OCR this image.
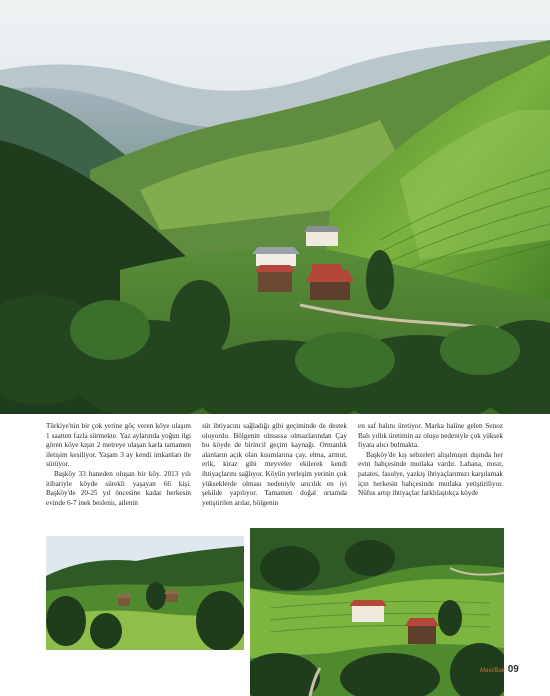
Türkiye'nin bir çok yerine göç veren köye ulaşım 1 saatten fazla sürmekte. Yaz aylarında yoğun ilgi gören köye kışın 2 metreye ulaşan karla tamamen iletişim kesiliyor. Yaşam 3 ay kendi imkanları ile sürüyor.

Başköy 33 haneden oluşan bir köy. 2013 yılı itibariyle köyde sürekli yaşayan 66 kişi. Başköy'de 20-25 yıl öncesine kadar herkesin evinde 6-7 inek besleniı, ailenin

süt ihtiyacını sağladığı gibi geçiminde de destek oluyordu. Bölgenin olmassa olmazlarından Çay bu köyde de birincil geçim kaynağı. Ormanlık alanların açık olan kısımlarına çay, elma, armut, erik, kiraz gibi meyveler ekilerek kendi ihtiyaçlarını sağlıyor. Köyün yerleşim yerinin çok yükseklerde olması nedeniyle arıcılık en iyi şekilde yapılıyor. Tamamen doğal ortamda yetiştirilen arılar, bölgenin

en saf balını üretiyor. Marka haline gelen Senoz Balı yıllık üretimin az oluşu nedeniyle çok yüksek fiyata alıcı bulmakta.

Başköy'de kış sebzeleri alışılmışın dışında her evin bahçesinde mutlaka vardır. Lahana, mısır, patates, fasulye, yazkış ihtiyaçlarımızı karşılamak için herkesin bahçesinde mutlaka yetiştiriliyor. Nüfus artıp ihtiyaçlar farklılaştıkça köyde

Mavi/Bak 09
